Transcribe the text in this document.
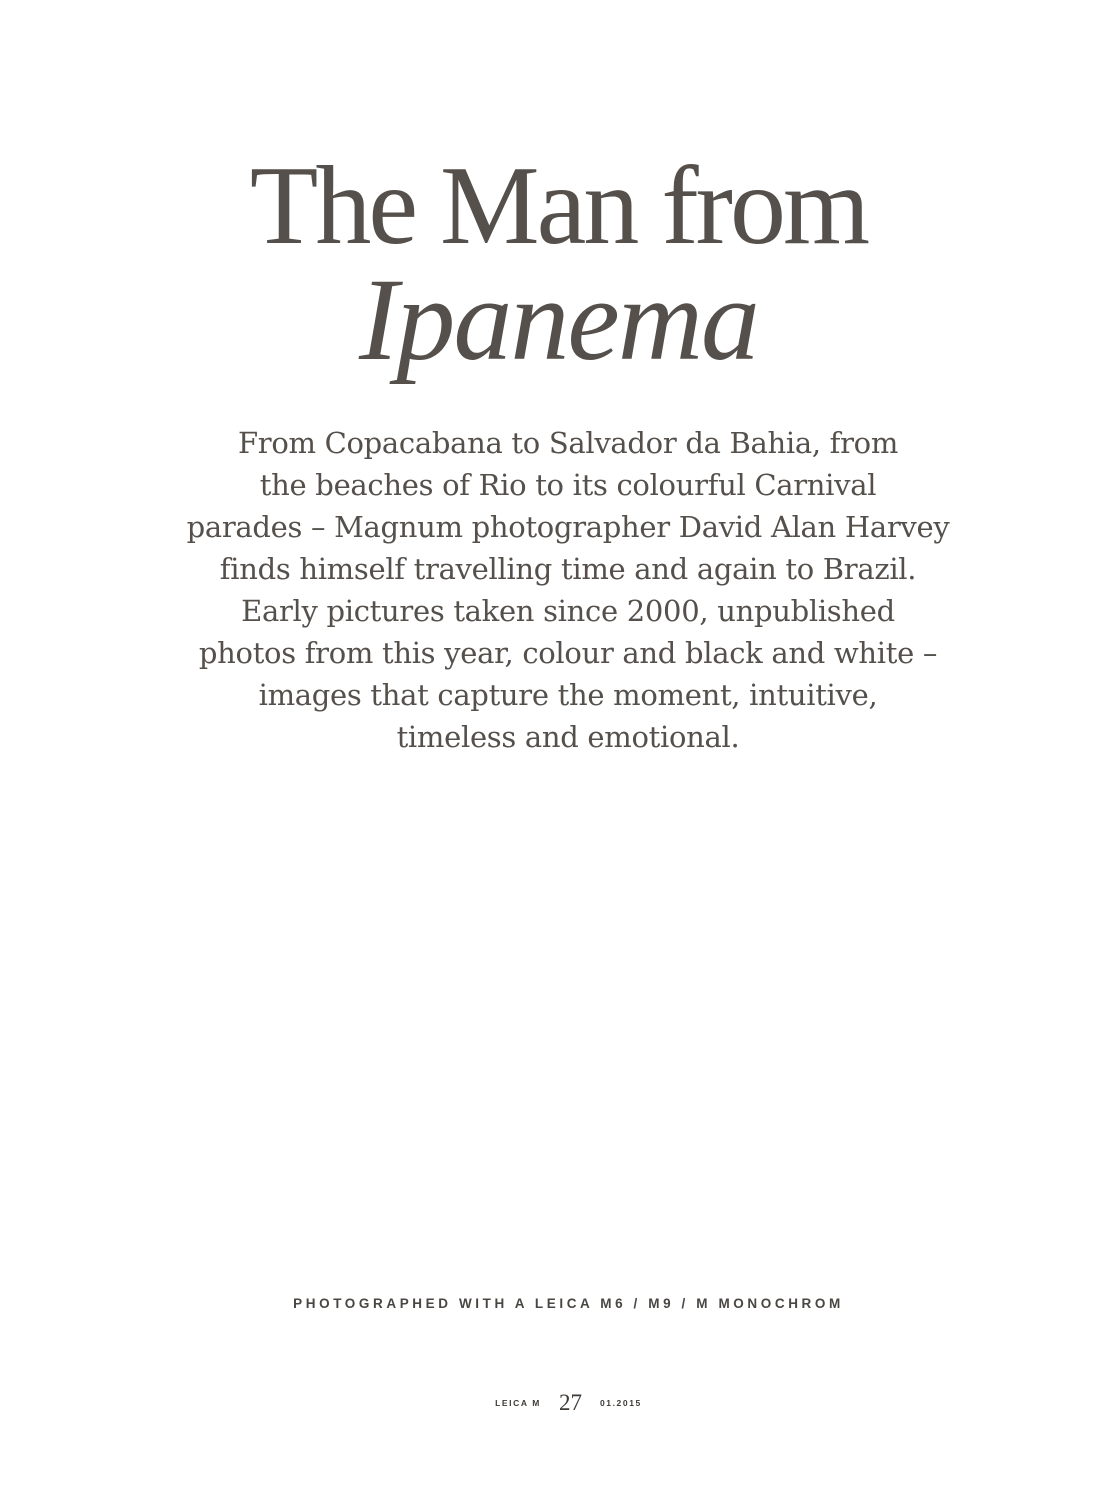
The Man from
Ipanema

From Copacabana to Salvador da Bahia, from
the beaches of Rio to its colourful Carnival
parades – Magnum photographer David Alan Harvey
finds himself travelling time and again to Brazil.
Early pictures taken since 2000, unpublished
photos from this year, colour and black and white –
images that capture the moment, intuitive,
timeless and emotional.

PHOTOGRAPHED WITH A LEICA M6 / M9 / M MONOCHROM
LEICA M 27 01.2015
